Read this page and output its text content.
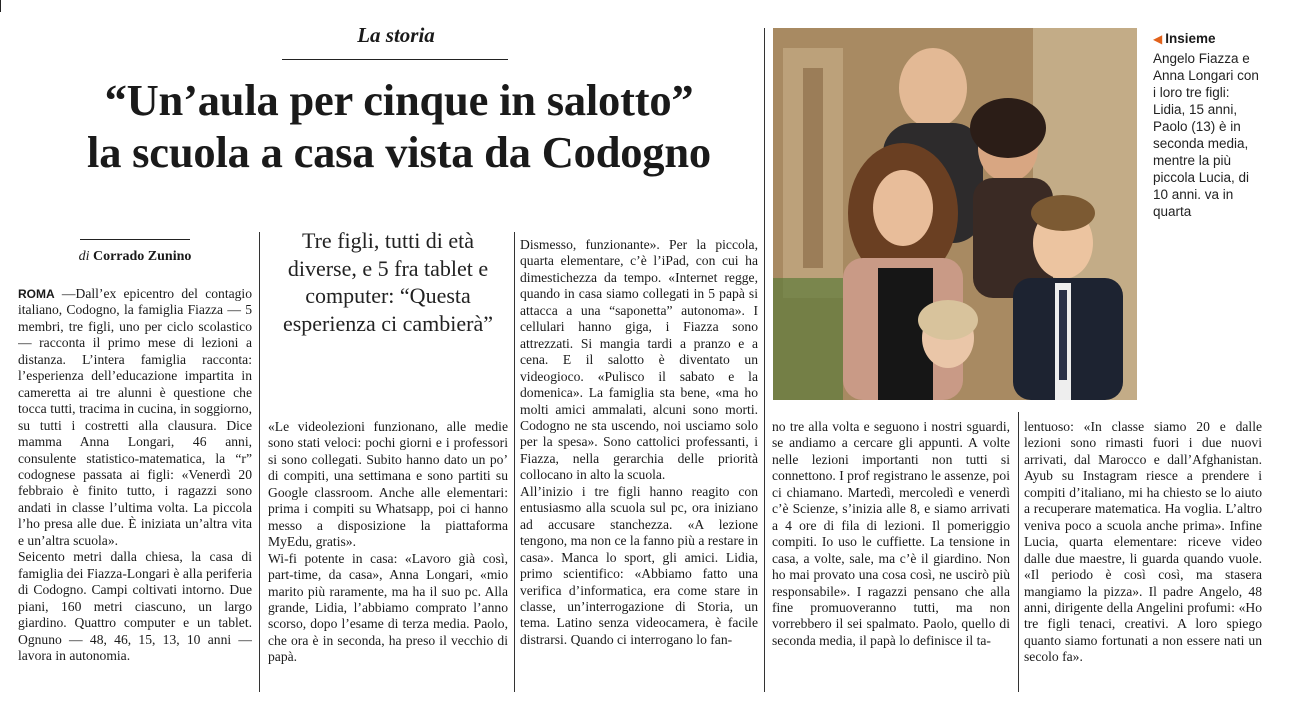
La storia
“Un’aula per cinque in salotto”
la scuola a casa vista da Codogno
di Corrado Zunino

ROMA —Dall’ex epicentro del contagio italiano, Codogno, la famiglia Fiazza — 5 membri, tre figli, uno per ciclo scolastico — racconta il primo mese di lezioni a distanza. L’intera famiglia racconta: l’esperienza dell’educazione impartita in cameretta ai tre alunni è questione che tocca tutti, tracima in cucina, in soggiorno, su tutti i costretti alla clausura. Dice mamma Anna Longari, 46 anni, consulente statistico-matematica, la “r” codognese passata ai figli: «Venerdì 20 febbraio è finito tutto, i ragazzi sono andati in classe l’ultima volta. La piccola l’ho presa alle due. È iniziata un’altra vita e un’altra scuola».

Seicento metri dalla chiesa, la casa di famiglia dei Fiazza-Longari è alla periferia di Codogno. Campi coltivati intorno. Due piani, 160 metri ciascuno, un largo giardino. Quattro computer e un tablet. Ognuno — 48, 46, 15, 13, 10 anni — lavora in autonomia.

Tre figli, tutti di età diverse, e 5 fra tablet e computer: “Questa esperienza ci cambierà”

«Le videolezioni funzionano, alle medie sono stati veloci: pochi giorni e i professori si sono collegati. Subito hanno dato un po’ di compiti, una settimana e sono partiti su Google classroom. Anche alle elementari: prima i compiti su Whatsapp, poi ci hanno messo a disposizione la piattaforma MyEdu, gratis».

Wi-fi potente in casa: «Lavoro già così, part-time, da casa», Anna Longari, «mio marito più raramente, ma ha il suo pc. Alla grande, Lidia, l’abbiamo comprato l’anno scorso, dopo l’esame di terza media. Paolo, che ora è in seconda, ha preso il vecchio di papà.

Dismesso, funzionante». Per la piccola, quarta elementare, c’è l’iPad, con cui ha dimestichezza da tempo. «Internet regge, quando in casa siamo collegati in 5 papà si attacca a una “saponetta” autonoma». I cellulari hanno giga, i Fiazza sono attrezzati. Si mangia tardi a pranzo e a cena. E il salotto è diventato un videogioco. «Pulisco il sabato e la domenica». La famiglia sta bene, «ma ho molti amici ammalati, alcuni sono morti. Codogno ne sta uscendo, noi usciamo solo per la spesa». Sono cattolici professanti, i Fiazza, nella gerarchia delle priorità collocano in alto la scuola.

All’inizio i tre figli hanno reagito con entusiasmo alla scuola sul pc, ora iniziano ad accusare stanchezza. «A lezione tengono, ma non ce la fanno più a restare in casa». Manca lo sport, gli amici. Lidia, primo scientifico: «Abbiamo fatto una verifica d’informatica, era come stare in classe, un’interrogazione di Storia, un tema. Latino senza videocamera, è facile distrarsi. Quando ci interrogano lo fan-

◀ Insieme
Angelo Fiazza e Anna Longari con i loro tre figli: Lidia, 15 anni, Paolo (13) è in seconda media, mentre la più piccola Lucia, di 10 anni. va in quarta

no tre alla volta e seguono i nostri sguardi, se andiamo a cercare gli appunti. A volte nelle lezioni importanti non tutti si connettono. I prof registrano le assenze, poi ci chiamano. Martedì, mercoledì e venerdì c’è Scienze, s’inizia alle 8, e siamo arrivati a 4 ore di fila di lezioni. Il pomeriggio compiti. Io uso le cuffiette. La tensione in casa, a volte, sale, ma c’è il giardino. Non ho mai provato una cosa così, ne uscirò più responsabile». I ragazzi pensano che alla fine promuoveranno tutti, ma non vorrebbero il sei spalmato. Paolo, quello di seconda media, il papà lo definisce il ta-

lentuoso: «In classe siamo 20 e dalle lezioni sono rimasti fuori i due nuovi arrivati, dal Marocco e dall’Afghanistan. Ayub su Instagram riesce a prendere i compiti d’italiano, mi ha chiesto se lo aiuto a recuperare matematica. Ha voglia. L’altro veniva poco a scuola anche prima». Infine Lucia, quarta elementare: riceve video dalle due maestre, li guarda quando vuole. «Il periodo è così così, ma stasera mangiamo la pizza». Il padre Angelo, 48 anni, dirigente della Angelini profumi: «Ho tre figli tenaci, creativi. A loro spiego quanto siamo fortunati a non essere nati un secolo fa».
